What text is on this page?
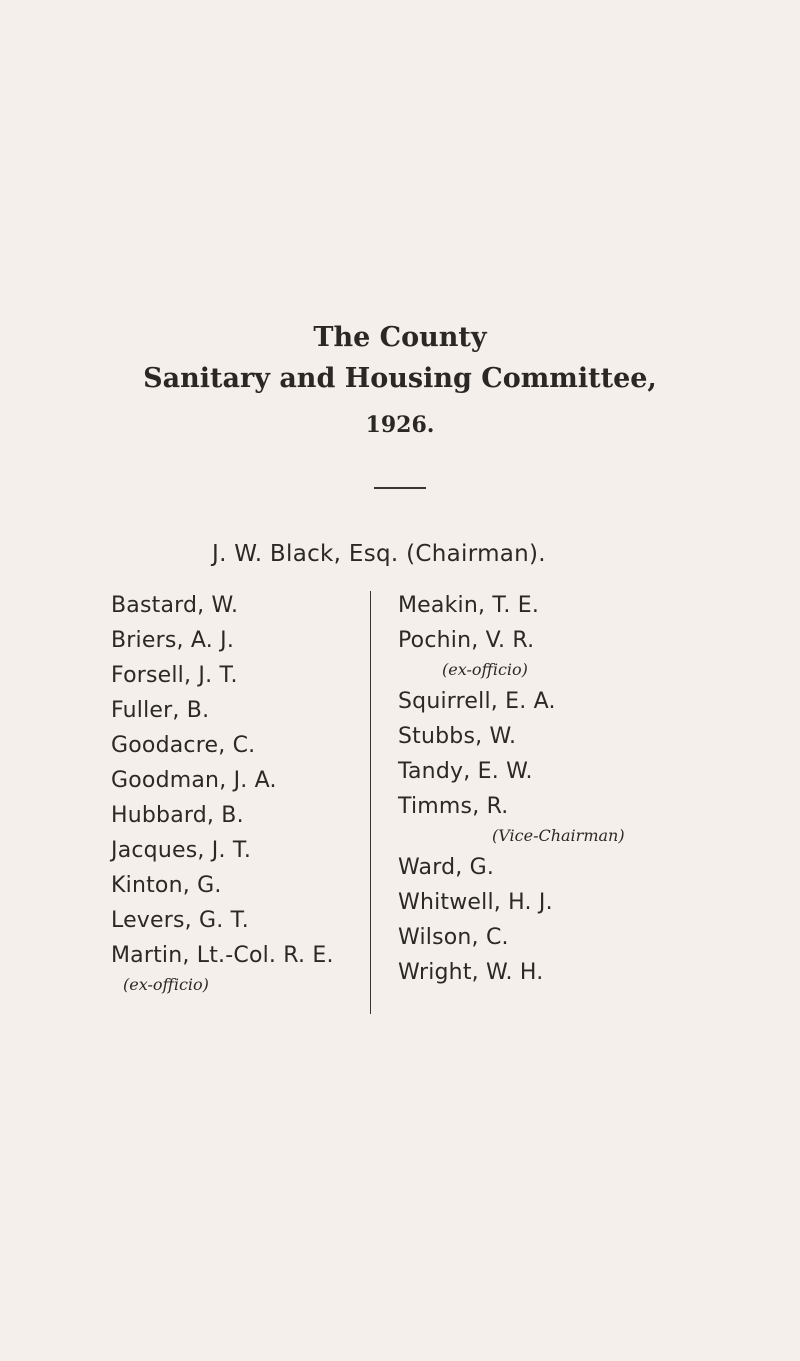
The County
Sanitary and Housing Committee,
1926.
J. W. Black, Esq. (Chairman).
Bastard, W.
Briers, A. J.
Forsell, J. T.
Fuller, B.
Goodacre, C.
Goodman, J. A.
Hubbard, B.
Jacques, J. T.
Kinton, G.
Levers, G. T.
Martin, Lt.-Col. R. E.
(ex-officio)
Meakin, T. E.
Pochin, V. R.
(ex-officio)
Squirrell, E. A.
Stubbs, W.
Tandy, E. W.
Timms, R.
(Vice-Chairman)
Ward, G.
Whitwell, H. J.
Wilson, C.
Wright, W. H.
